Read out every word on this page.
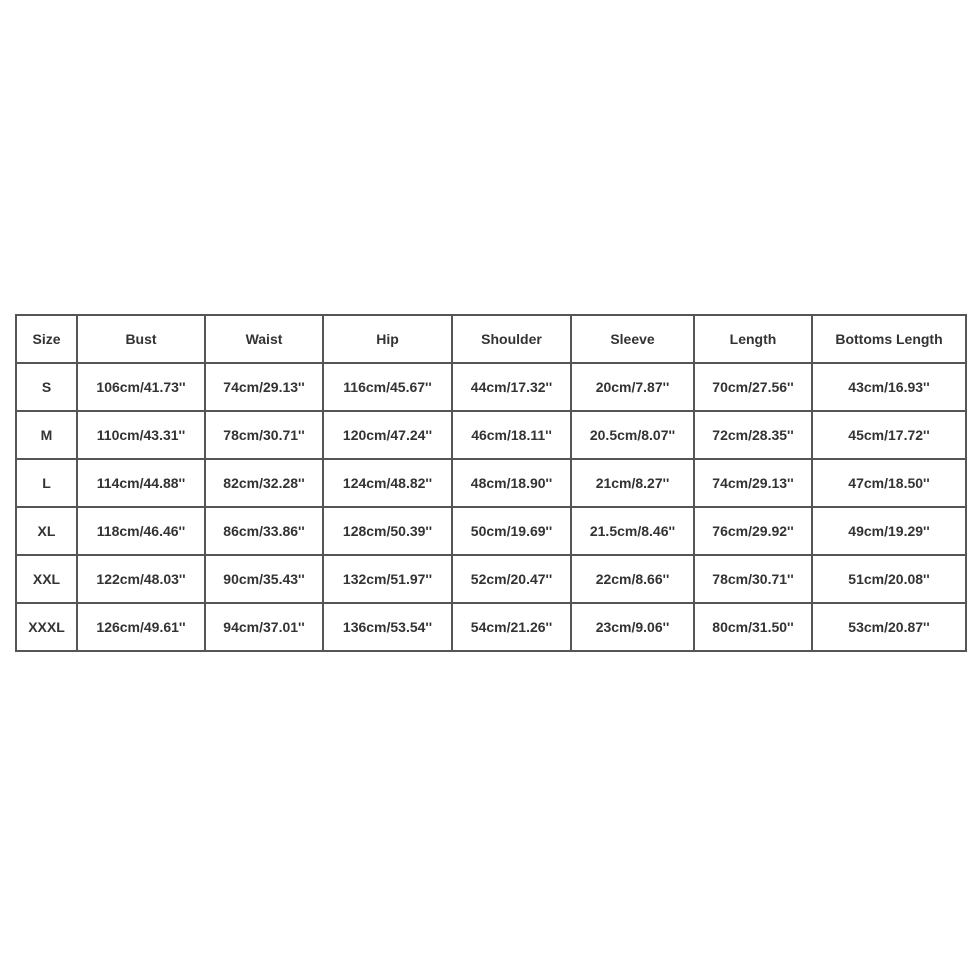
Size	Bust	Waist	Hip	Shoulder	Sleeve	Length	Bottoms Length
S	106cm/41.73''	74cm/29.13''	116cm/45.67''	44cm/17.32''	20cm/7.87''	70cm/27.56''	43cm/16.93''
M	110cm/43.31''	78cm/30.71''	120cm/47.24''	46cm/18.11''	20.5cm/8.07''	72cm/28.35''	45cm/17.72''
L	114cm/44.88''	82cm/32.28''	124cm/48.82''	48cm/18.90''	21cm/8.27''	74cm/29.13''	47cm/18.50''
XL	118cm/46.46''	86cm/33.86''	128cm/50.39''	50cm/19.69''	21.5cm/8.46''	76cm/29.92''	49cm/19.29''
XXL	122cm/48.03''	90cm/35.43''	132cm/51.97''	52cm/20.47''	22cm/8.66''	78cm/30.71''	51cm/20.08''
XXXL	126cm/49.61''	94cm/37.01''	136cm/53.54''	54cm/21.26''	23cm/9.06''	80cm/31.50''	53cm/20.87''
